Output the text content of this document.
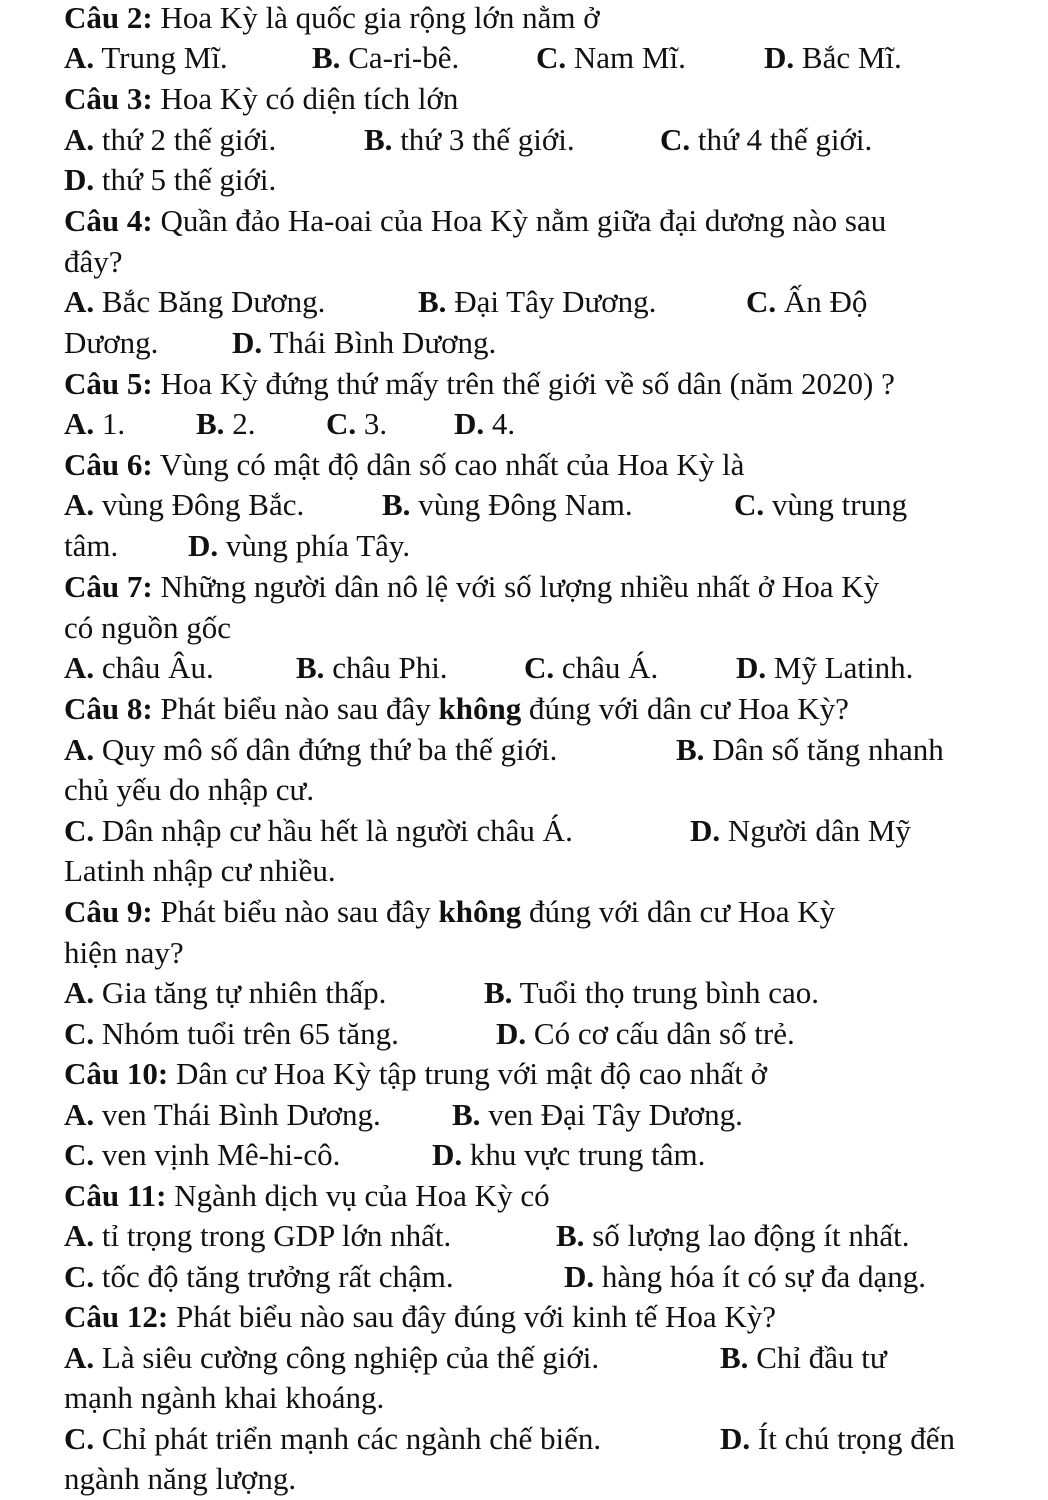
Câu 2: Hoa Kỳ là quốc gia rộng lớn nằm ở
A. Trung Mĩ.	B. Ca-ri-bê. C. Nam Mĩ.	D. Bắc Mĩ.
Câu 3: Hoa Kỳ có diện tích lớn
A. thứ 2 thế giới.	B. thứ 3 thế giới.	C. thứ 4 thế giới.
D. thứ 5 thế giới.
Câu 4: Quần đảo Ha-oai của Hoa Kỳ nằm giữa đại dương nào sau
đây?
A. Bắc Băng Dương.	B. Đại Tây Dương.	C. Ấn Độ
Dương. D. Thái Bình Dương.
Câu 5: Hoa Kỳ đứng thứ mấy trên thế giới về số dân (năm 2020) ?
A. 1. B. 2. C. 3. D. 4.
Câu 6: Vùng có mật độ dân số cao nhất của Hoa Kỳ là
A. vùng Đông Bắc.	B. vùng Đông Nam.	C. vùng trung
tâm. D. vùng phía Tây.
Câu 7: Những người dân nô lệ với số lượng nhiều nhất ở Hoa Kỳ
có nguồn gốc
A. châu Âu.	B. châu Phi. C. châu Á.	D. Mỹ Latinh.
Câu 8: Phát biểu nào sau đây không đúng với dân cư Hoa Kỳ?
A. Quy mô số dân đứng thứ ba thế giới.	B. Dân số tăng nhanh
chủ yếu do nhập cư.
C. Dân nhập cư hầu hết là người châu Á.	D. Người dân Mỹ
Latinh nhập cư nhiều.
Câu 9: Phát biểu nào sau đây không đúng với dân cư Hoa Kỳ
hiện nay?
A. Gia tăng tự nhiên thấp.	B. Tuổi thọ trung bình cao.
C. Nhóm tuổi trên 65 tăng.	D. Có cơ cấu dân số trẻ.
Câu 10: Dân cư Hoa Kỳ tập trung với mật độ cao nhất ở
A. ven Thái Bình Dương. B. ven Đại Tây Dương.
C. ven vịnh Mê-hi-cô.	D. khu vực trung tâm.
Câu 11: Ngành dịch vụ của Hoa Kỳ có
A. tỉ trọng trong GDP lớn nhất.	B. số lượng lao động ít nhất.
C. tốc độ tăng trưởng rất chậm.	D. hàng hóa ít có sự đa dạng.
Câu 12: Phát biểu nào sau đây đúng với kinh tế Hoa Kỳ?
A. Là siêu cường công nghiệp của thế giới.	B. Chỉ đầu tư
mạnh ngành khai khoáng.
C. Chỉ phát triển mạnh các ngành chế biến.	D. Ít chú trọng đến
ngành năng lượng.
